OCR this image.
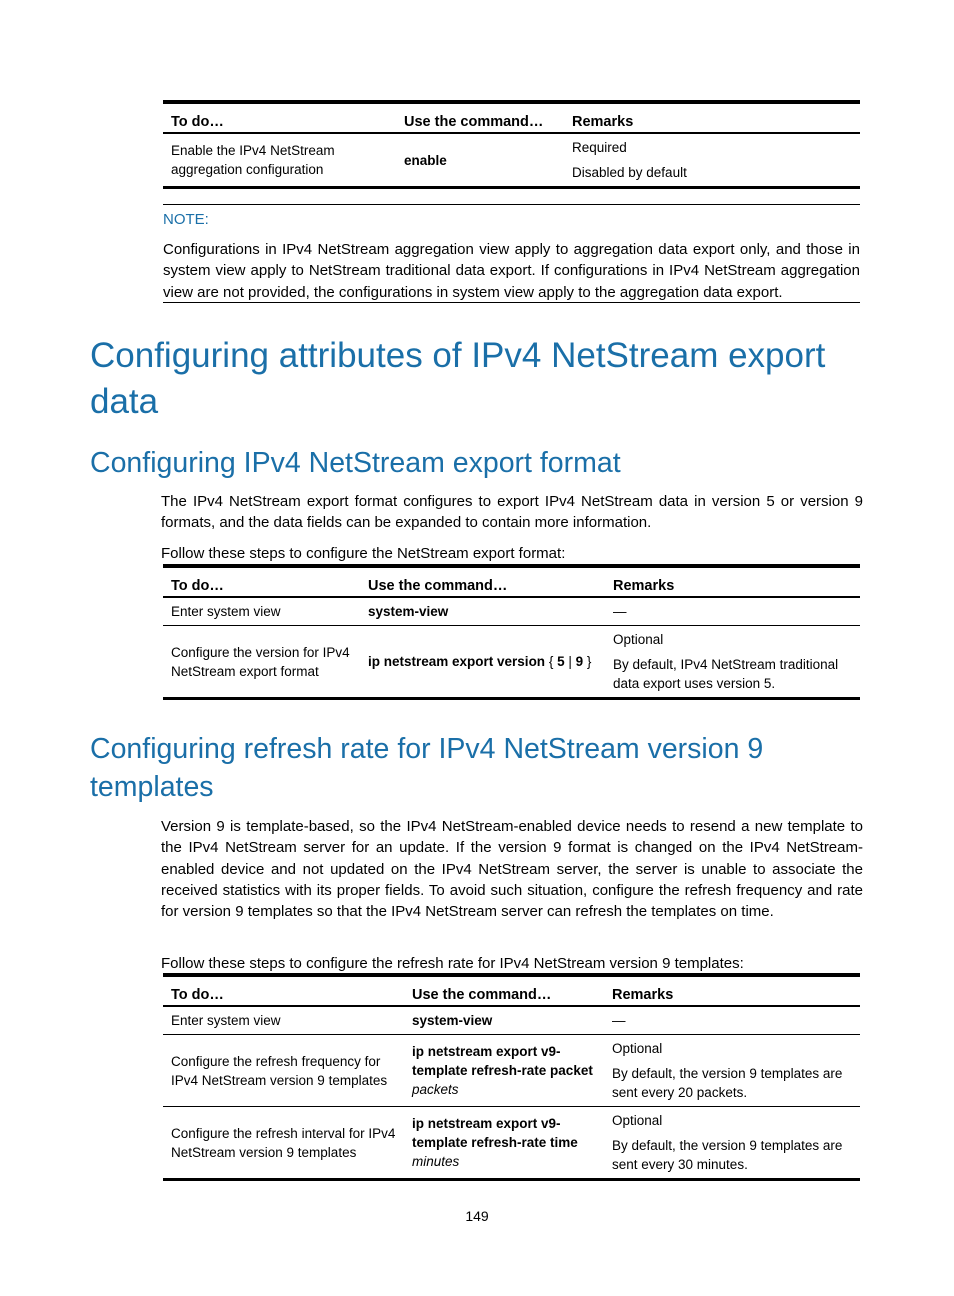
To do…	Use the command…	Remarks
Enable the IPv4 NetStream aggregation configuration	enable	Required

Disabled by default

NOTE:
Configurations in IPv4 NetStream aggregation view apply to aggregation data export only, and those in system view apply to NetStream traditional data export. If configurations in IPv4 NetStream aggregation view are not provided, the configurations in system view apply to the aggregation data export.
Configuring attributes of IPv4 NetStream export data
Configuring IPv4 NetStream export format
The IPv4 NetStream export format configures to export IPv4 NetStream data in version 5 or version 9 formats, and the data fields can be expanded to contain more information.
Follow these steps to configure the NetStream export format:
To do…	Use the command…	Remarks
Enter system view	system-view	—

Configure the version for IPv4 NetStream export format	ip netstream export version { 5 | 9 }	Optional

By default, IPv4 NetStream traditional data export uses version 5.

Configuring refresh rate for IPv4 NetStream version 9 templates
Version 9 is template-based, so the IPv4 NetStream-enabled device needs to resend a new template to the IPv4 NetStream server for an update. If the version 9 format is changed on the IPv4 NetStream-enabled device and not updated on the IPv4 NetStream server, the server is unable to associate the received statistics with its proper fields. To avoid such situation, configure the refresh frequency and rate for version 9 templates so that the IPv4 NetStream server can refresh the templates on time.
Follow these steps to configure the refresh rate for IPv4 NetStream version 9 templates:
To do…	Use the command…	Remarks
Enter system view	system-view	—

Configure the refresh frequency for IPv4 NetStream version 9 templates	ip netstream export v9-template refresh-rate packet packets	Optional

By default, the version 9 templates are sent every 20 packets.

Configure the refresh interval for IPv4 NetStream version 9 templates	ip netstream export v9-template refresh-rate time minutes	Optional

By default, the version 9 templates are sent every 30 minutes.

149
